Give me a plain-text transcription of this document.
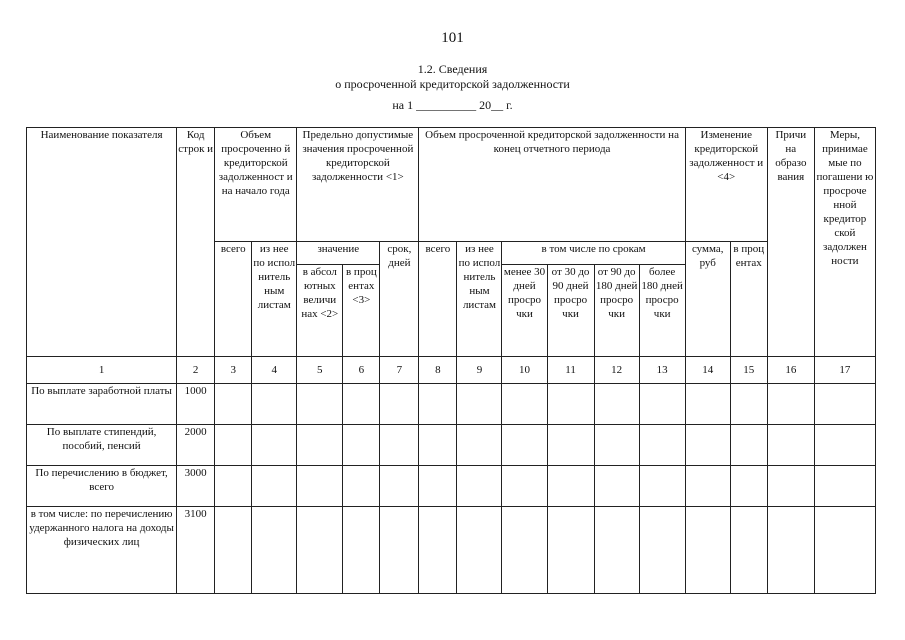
101
1.2. Сведения
о просроченной кредиторской задолженности
на 1 __________ 20__ г.
Наименование показателя	Код строк и	Объем просроченно й кредиторской задолженност и на начало года		Предельно допустимые значения просроченной кредиторской задолженности <1>			Объем просроченной кредиторской задолженности на конец отчетного периода						Изменение кредиторской задолженност и <4>		Причи на образо вания	Меры, принимае мые по погашени ю просроче нной кредитор ской задолжен ности
		всего	из нее по испол нитель ным листам	значение		срок, дней	всего	из нее по испол нитель ным листам	в том числе по срокам				сумма, руб	в проц ентах		
				в абсол ютных величи нах <2>	в проц ентах <3>				менее 30 дней просро чки	от 30 до 90 дней просро чки	от 90 до 180 дней просро чки	более 180 дней просро чки				
1	2	3	4	5	6	7	8	9	10	11	12	13	14	15	16	17
По выплате заработной платы	1000															
По выплате стипендий, пособий, пенсий	2000															
По перечислению в бюджет, всего	3000															
в том числе: по перечислению удержанного налога на доходы физических лиц	3100															
